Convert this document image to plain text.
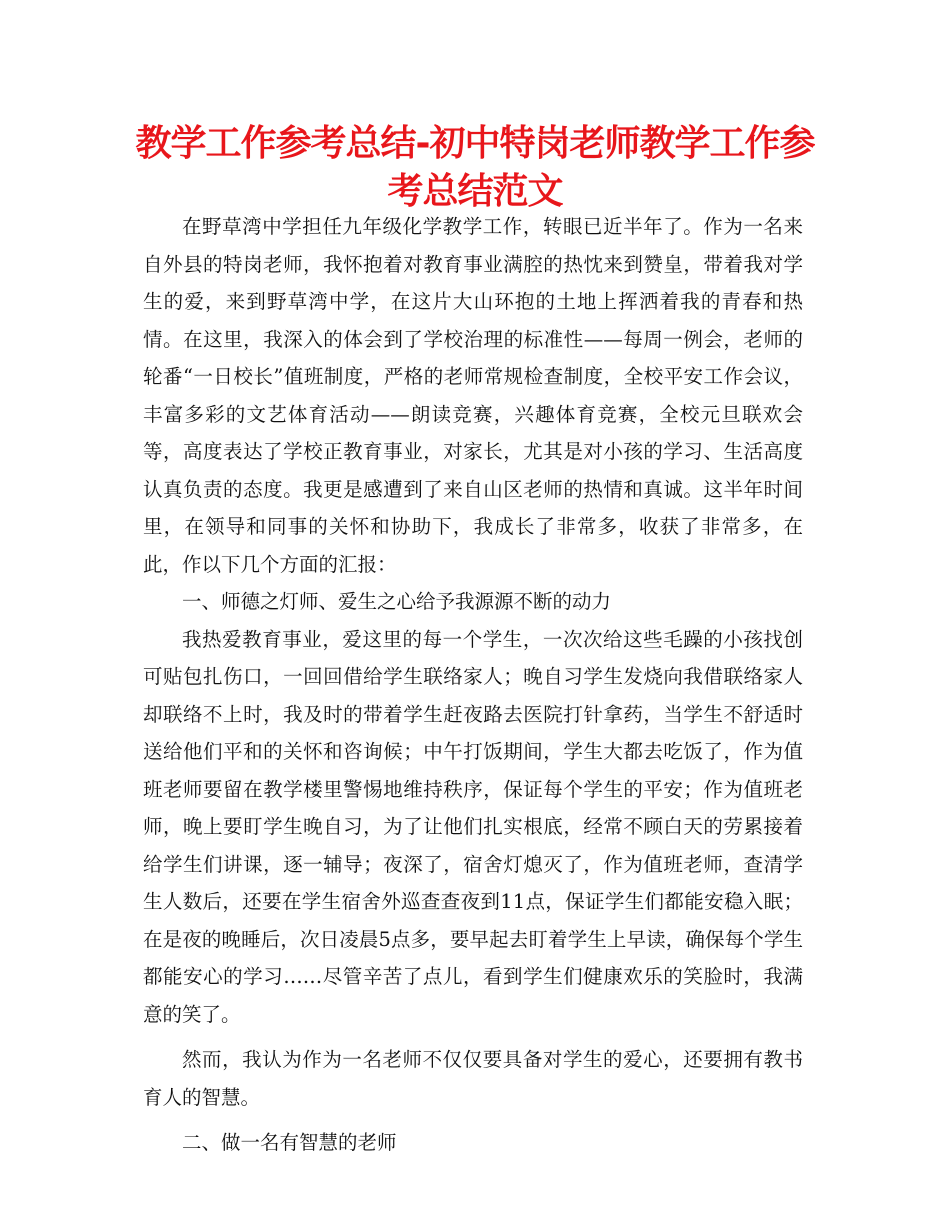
教学工作参考总结-初中特岗老师教学工作参考总结范文

在野草湾中学担任九年级化学教学工作，转眼已近半年了。作为一名来自外县的特岗老师，我怀抱着对教育事业满腔的热忱来到赞皇，带着我对学生的爱，来到野草湾中学，在这片大山环抱的土地上挥洒着我的青春和热情。在这里，我深入的体会到了学校治理的标准性——每周一例会，老师的轮番“一日校长”值班制度，严格的老师常规检查制度，全校平安工作会议，丰富多彩的文艺体育活动——朗读竞赛，兴趣体育竞赛，全校元旦联欢会等，高度表达了学校正教育事业，对家长，尤其是对小孩的学习、生活高度认真负责的态度。我更是感遭到了来自山区老师的热情和真诚。这半年时间里，在领导和同事的关怀和协助下，我成长了非常多，收获了非常多，在此，作以下几个方面的汇报：

一、师德之灯师、爱生之心给予我源源不断的动力

我热爱教育事业，爱这里的每一个学生，一次次给这些毛躁的小孩找创可贴包扎伤口，一回回借给学生联络家人；晚自习学生发烧向我借联络家人却联络不上时，我及时的带着学生赶夜路去医院打针拿药，当学生不舒适时送给他们平和的关怀和咨询候；中午打饭期间，学生大都去吃饭了，作为值班老师要留在教学楼里警惕地维持秩序，保证每个学生的平安；作为值班老师，晚上要盯学生晚自习，为了让他们扎实根底，经常不顾白天的劳累接着给学生们讲课，逐一辅导；夜深了，宿舍灯熄灭了，作为值班老师，查清学生人数后，还要在学生宿舍外巡查查夜到11点，保证学生们都能安稳入眠；在是夜的晚睡后，次日凌晨5点多，要早起去盯着学生上早读，确保每个学生都能安心的学习……尽管辛苦了点儿，看到学生们健康欢乐的笑脸时，我满意的笑了。

然而，我认为作为一名老师不仅仅要具备对学生的爱心，还要拥有教书育人的智慧。

二、做一名有智慧的老师
